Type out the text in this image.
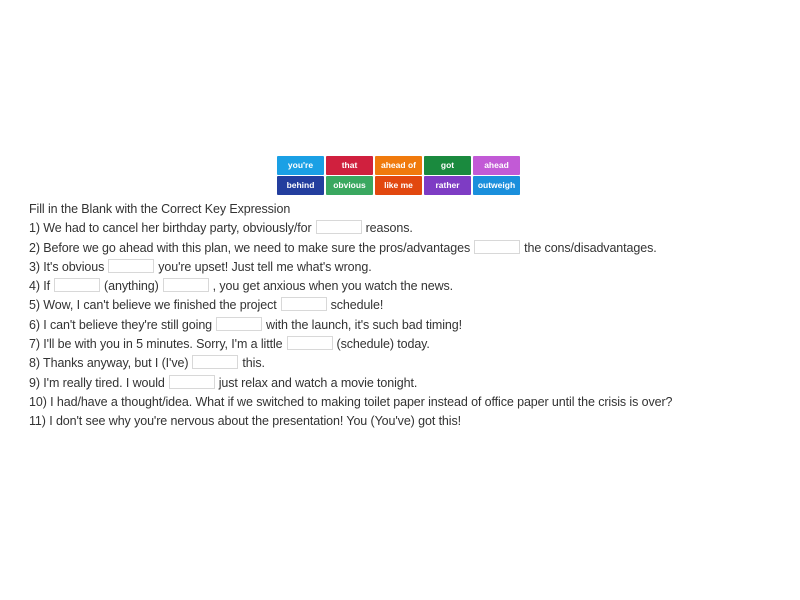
you're	that	ahead of	got	ahead
behind	obvious	like me	rather	outweigh
Fill in the Blank with the Correct Key Expression
1) We had to cancel her birthday party, obviously/for	reasons.
2) Before we go ahead with this plan, we need to make sure the pros/advantages	the cons/disadvantages.
3) It's obvious	you're upset! Just tell me what's wrong.
4) If	(anything)	, you get anxious when you watch the news.
5) Wow, I can't believe we finished the project	schedule!
6) I can't believe they're still going	with the launch, it's such bad timing!
7) I'll be with you in 5 minutes. Sorry, I'm a little	(schedule) today.
8) Thanks anyway, but I (I've)	this.
9) I'm really tired. I would	just relax and watch a movie tonight.
10) I had/have a thought/idea. What if we switched to making toilet paper instead of office paper until the crisis is over?
11) I don't see why you're nervous about the presentation! You (You've) got this!
